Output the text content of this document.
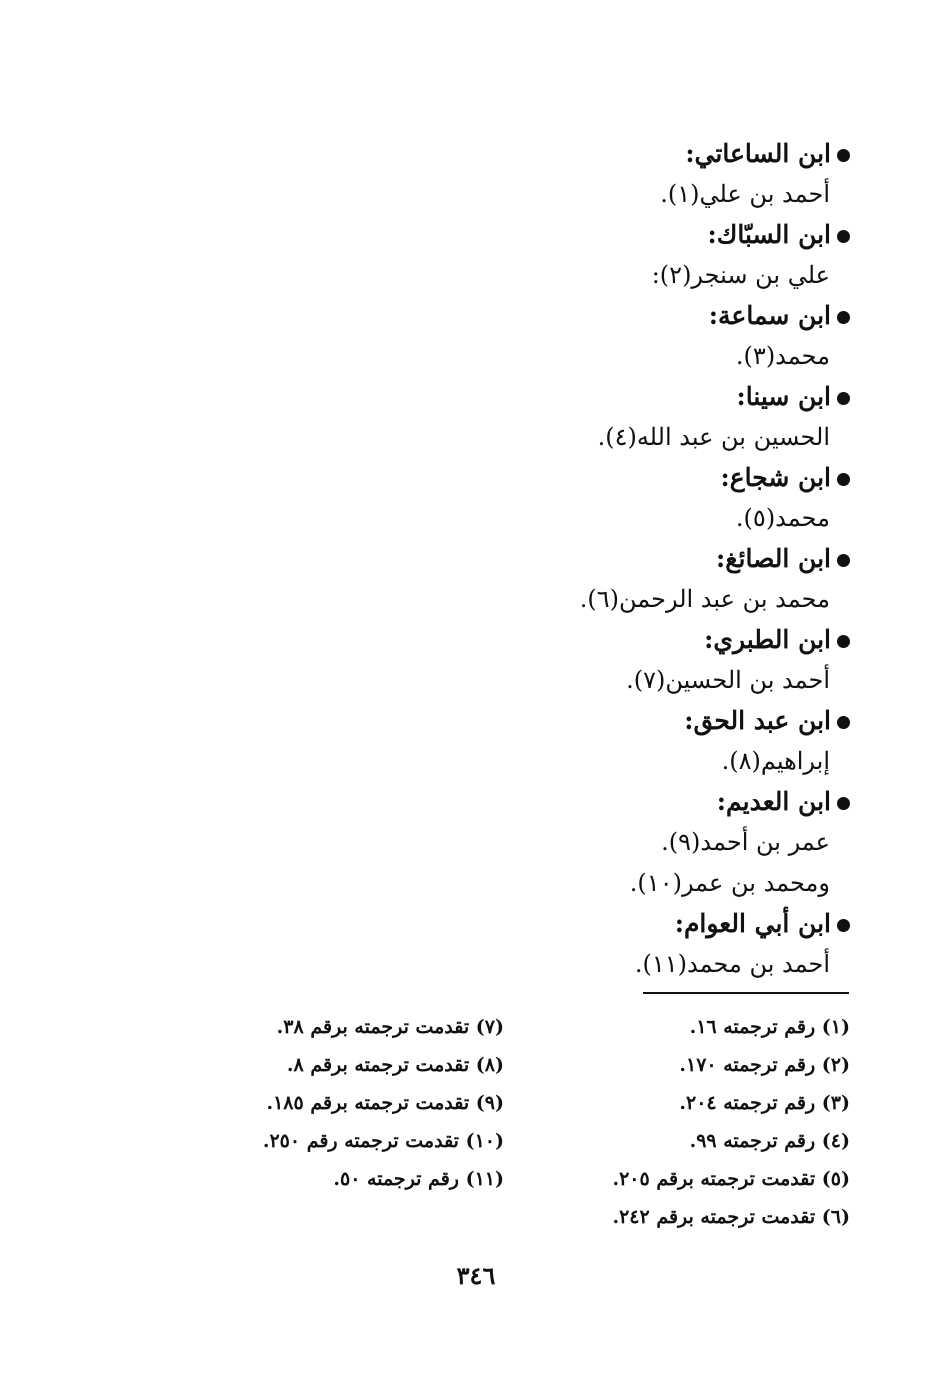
ابن الساعاتي:
أحمد بن علي(١).
ابن السبّاك:
علي بن سنجر(٢):
ابن سماعة:
محمد(٣).
ابن سينا:
الحسين بن عبد الله(٤).
ابن شجاع:
محمد(٥).
ابن الصائغ:
محمد بن عبد الرحمن(٦).
ابن الطبري:
أحمد بن الحسين(٧).
ابن عبد الحق:
إبراهيم(٨).
ابن العديم:
عمر بن أحمد(٩).
ومحمد بن عمر(١٠).
ابن أبي العوام:
أحمد بن محمد(١١).
(١) رقم ترجمته ١٦.
(٢) رقم ترجمته ١٧٠.
(٣) رقم ترجمته ٢٠٤.
(٤) رقم ترجمته ٩٩.
(٥) تقدمت ترجمته برقم ٢٠٥.
(٦) تقدمت ترجمته برقم ٢٤٢.
(٧) تقدمت ترجمته برقم ٣٨.
(٨) تقدمت ترجمته برقم ٨.
(٩) تقدمت ترجمته برقم ١٨٥.
(١٠) تقدمت ترجمته رقم ٢٥٠.
(١١) رقم ترجمته ٥٠.
٣٤٦
